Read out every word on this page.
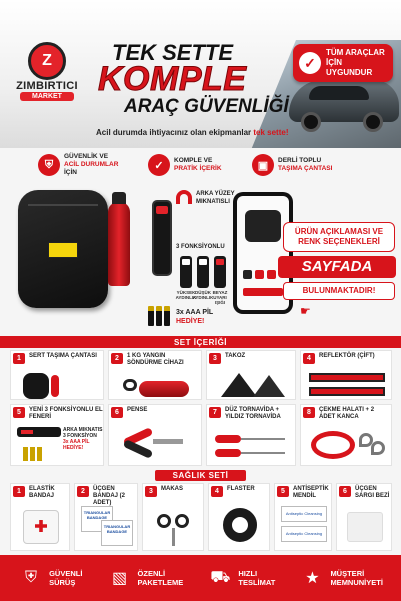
Z
ZIMBIRTICI
MARKET
TEK SETTE
KOMPLE
ARAÇ GÜVENLİĞİ
✓
TÜM ARAÇLAR İÇİN UYGUNDUR
Acil durumda ihtiyacınız olan ekipmanlar tek sette!
⛨
GÜVENLİK VE
ACİL DURUMLAR
İÇİN
✓	KOMPLE VE
PRATİK İÇERİK	▣	DERLİ TOPLU
TAŞIMA ÇANTASI
ARKA YÜZEY MIKNATISLI
3 FONKSİYONLU
YÜKSEK AYDINLIK
DÜŞÜK AYDINLIK
BEYAZ UYARI IŞIĞI
3x AAA PİL
HEDİYE!
ÜRÜN AÇIKLAMASI VE RENK SEÇENEKLERİ
SAYFADA
BULUNMAKTADIR!
☛
SET İÇERİĞİ
1	SERT TAŞIMA ÇANTASI	2	1 KG YANGIN SÖNDÜRME CİHAZI
3	TAKOZ	4	REFLEKTÖR (ÇİFT)
5	YENİ 3 FONKSİYONLU EL FENERİ
ARKA MIKNATIS
3 FONKSİYON
3x AAA PİL HEDİYE!
6	PENSE	7	DÜZ TORNAVİDA + YILDIZ TORNAVİDA
8	ÇEKME HALATI + 2 ADET KANCA
SAĞLIK SETİ
1	ELASTİK BANDAJ
2	ÜÇGEN BANDAJ (2 ADET)
TRIANGULAR BANDAGE
TRIANGULAR BANDAGE
3	MAKAS	4	FLASTER	5	ANTİSEPTİK MENDİL
Antiseptic Cleansing
Antiseptic Cleansing
6	ÜÇGEN SARGI BEZİ
⛨	GÜVENLİ
SÜRÜŞ	▧	ÖZENLİ
PAKETLEME ⛟	HIZLI
TESLİMAT	★	MÜŞTERİ
MEMNUNİYETİ
